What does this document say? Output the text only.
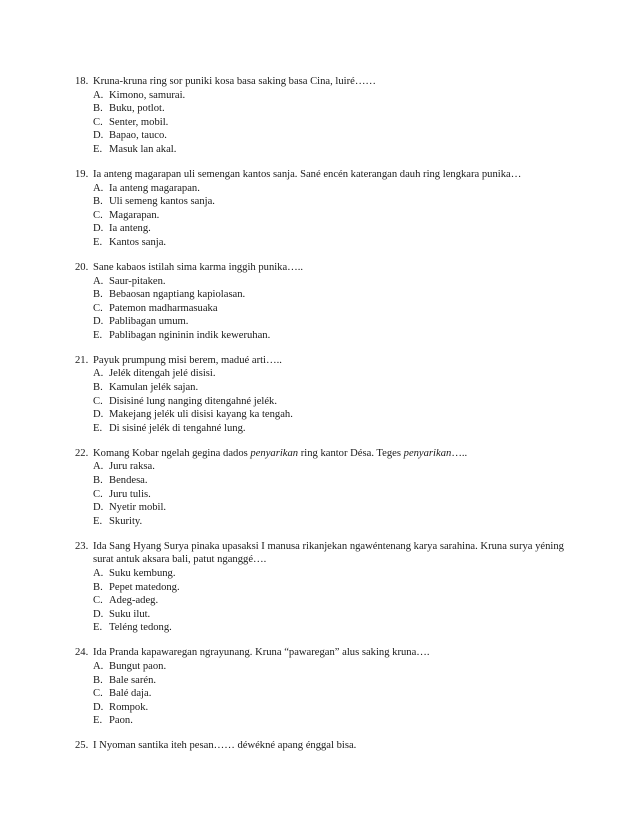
18. Kruna-kruna ring sor puniki kosa basa saking basa Cina, luiré……
A. Kimono, samurai.
B. Buku, potlot.
C. Senter, mobil.
D. Bapao, tauco.
E. Masuk lan akal.
19. Ia anteng magarapan uli semengan kantos sanja. Sané encén katerangan dauh ring lengkara punika…
A. Ia anteng magarapan.
B. Uli semeng kantos sanja.
C. Magarapan.
D. Ia anteng.
E. Kantos sanja.
20. Sane kabaos istilah sima karma inggih punika…..
A. Saur-pitaken.
B. Bebaosan ngaptiang kapiolasan.
C. Patemon madharmasuaka
D. Pablibagan umum.
E. Pablibagan ngininin indik keweruhan.
21. Payuk prumpung misi berem, madué arti…..
A. Jelék ditengah jelé disisi.
B. Kamulan jelék sajan.
C. Disisiné lung nanging ditengahné jelék.
D. Makejang jelék uli disisi kayang ka tengah.
E. Di sisiné jelék di tengahné lung.
22. Komang Kobar ngelah gegina dados penyarikan ring kantor Désa. Teges penyarikan…..
A. Juru raksa.
B. Bendesa.
C. Juru tulis.
D. Nyetir mobil.
E. Skurity.
23. Ida Sang Hyang Surya pinaka upasaksi I manusa rikanjekan ngawéntenang karya sarahina. Kruna surya yéning surat antuk aksara bali, patut nganggé….
A. Suku kembung.
B. Pepet matedong.
C. Adeg-adeg.
D. Suku ilut.
E. Teléng tedong.
24. Ida Pranda kapawaregan ngrayunang. Kruna “pawaregan” alus saking kruna….
A. Bungut paon.
B. Bale sarén.
C. Balé daja.
D. Rompok.
E. Paon.
25. I Nyoman santika iteh pesan…… déwékné apang énggal bisa.
